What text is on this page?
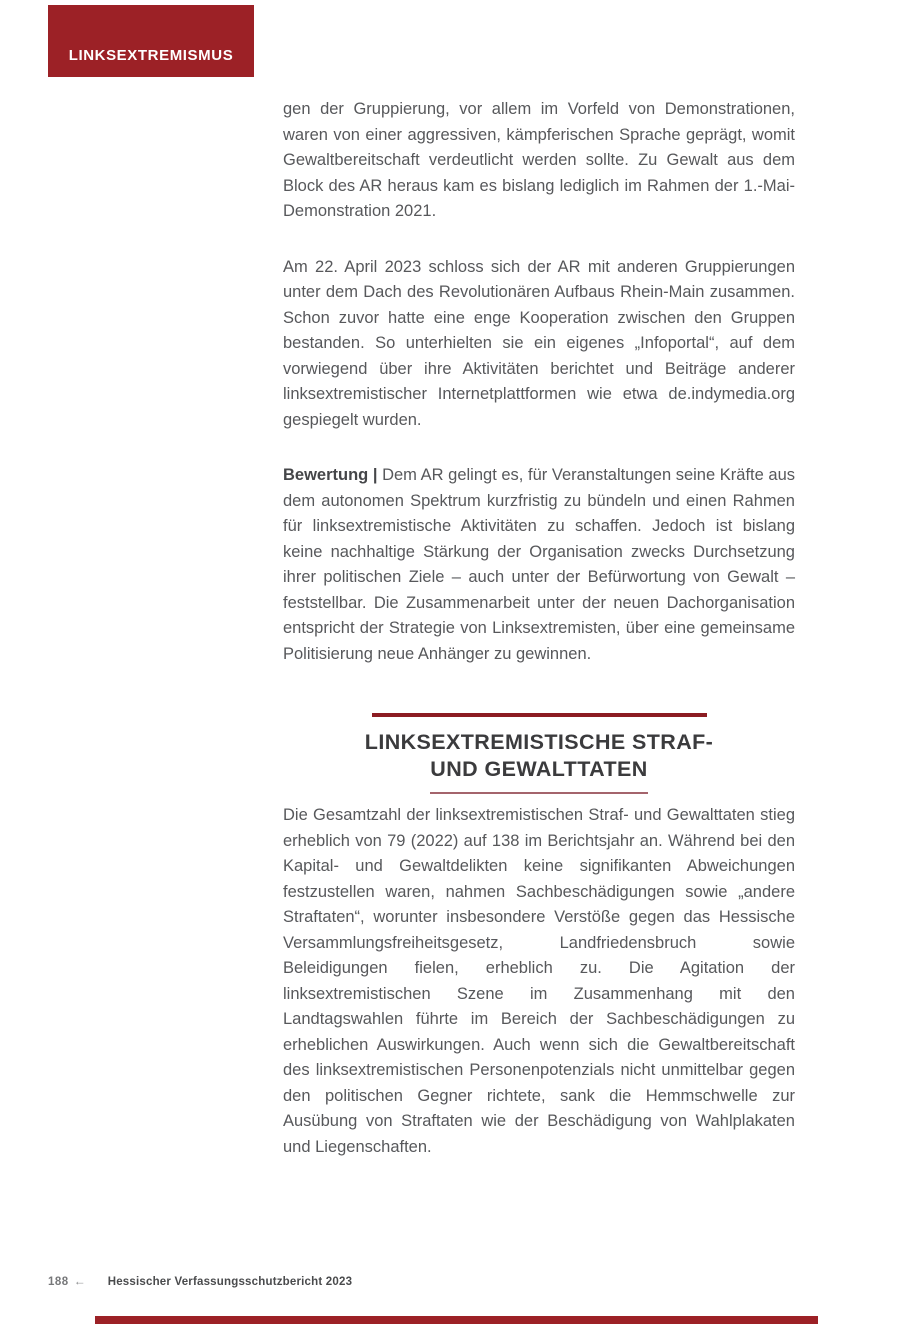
LINKSEXTREMISMUS

gen der Gruppierung, vor allem im Vorfeld von Demonstrationen, waren von einer aggressiven, kämpferischen Sprache geprägt, womit Gewaltbereitschaft verdeutlicht werden sollte. Zu Gewalt aus dem Block des AR heraus kam es bislang lediglich im Rahmen der 1.-Mai-Demonstration 2021.

Am 22. April 2023 schloss sich der AR mit anderen Gruppierungen unter dem Dach des Revolutionären Aufbaus Rhein-Main zusammen. Schon zuvor hatte eine enge Kooperation zwischen den Gruppen bestanden. So unterhielten sie ein eigenes „Infoportal“, auf dem vorwiegend über ihre Aktivitäten berichtet und Beiträge anderer linksextremistischer Internetplattformen wie etwa de.indymedia.org gespiegelt wurden.

Bewertung | Dem AR gelingt es, für Veranstaltungen seine Kräfte aus dem autonomen Spektrum kurzfristig zu bündeln und einen Rahmen für linksextremistische Aktivitäten zu schaffen. Jedoch ist bislang keine nachhaltige Stärkung der Organisation zwecks Durchsetzung ihrer politischen Ziele – auch unter der Befürwortung von Gewalt – feststellbar. Die Zusammenarbeit unter der neuen Dachorganisation entspricht der Strategie von Linksextremisten, über eine gemeinsame Politisierung neue Anhänger zu gewinnen.

LINKSEXTREMISTISCHE STRAF-
UND GEWALTTATEN

Die Gesamtzahl der linksextremistischen Straf- und Gewalttaten stieg erheblich von 79 (2022) auf 138 im Berichtsjahr an. Während bei den Kapital- und Gewaltdelikten keine signifikanten Abweichungen festzustellen waren, nahmen Sachbeschädigungen sowie „andere Straftaten“, worunter insbesondere Verstöße gegen das Hessische Versammlungsfreiheitsgesetz, Landfriedensbruch sowie Beleidigungen fielen, erheblich zu. Die Agitation der linksextremistischen Szene im Zusammenhang mit den Landtagswahlen führte im Bereich der Sachbeschädigungen zu erheblichen Auswirkungen. Auch wenn sich die Gewaltbereitschaft des linksextremistischen Personenpotenzials nicht unmittelbar gegen den politischen Gegner richtete, sank die Hemmschwelle zur Ausübung von Straftaten wie der Beschädigung von Wahlplakaten und Liegenschaften.

188 ← Hessischer Verfassungsschutzbericht 2023
